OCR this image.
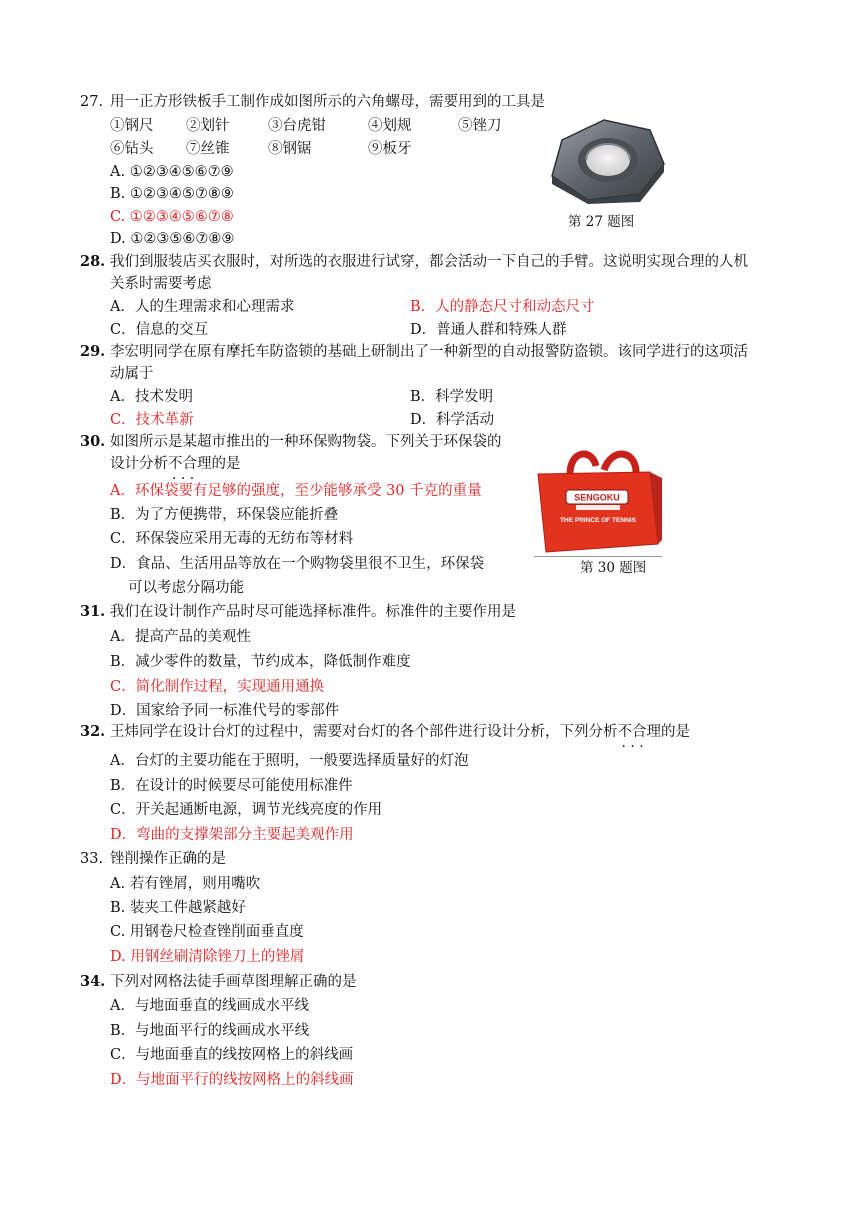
27. 用一正方形铁板手工制作成如图所示的六角螺母，需要用到的工具是
①钢尺 ②划针	③台虎钳	④划规	⑤锉刀
⑥钻头 ⑦丝锥	⑧钢锯	⑨板牙
A. ①②③④⑤⑥⑦⑨
B. ①②③④⑤⑦⑧⑨
C. ①②③④⑤⑥⑦⑧
D. ①②③⑤⑥⑦⑧⑨
第 27 题图
28. 我们到服装店买衣服时，对所选的衣服进行试穿，都会活动一下自己的手臂。这说明实现合理的人机
关系时需要考虑
A．人的生理需求和心理需求	B．人的静态尺寸和动态尺寸
C．信息的交互	D．普通人群和特殊人群
29. 李宏明同学在原有摩托车防盗锁的基础上研制出了一种新型的自动报警防盗锁。该同学进行的这项活
动属于
A．技术发明	B．科学发明
C．技术革新	D．科学活动
30. 如图所示是某超市推出的一种环保购物袋。下列关于环保袋的
设计分析不合理 · · ·的是
A．环保袋要有足够的强度，至少能够承受 30 千克的重量
B．为了方便携带，环保袋应能折叠
C．环保袋应采用无毒的无纺布等材料
D．食品、生活用品等放在一个购物袋里很不卫生，环保袋
可以考虑分隔功能
SENGOKU
THE PRINCE OF TENNIS
第 30 题图
31. 我们在设计制作产品时尽可能选择标准件。标准件的主要作用是
A．提高产品的美观性
B．减少零件的数量，节约成本，降低制作难度
C．简化制作过程，实现通用通换
D．国家给予同一标准代号的零部件
32. 王炜同学在设计台灯的过程中，需要对台灯的各个部件进行设计分析，下列分析不合理 · · ·的是
A．台灯的主要功能在于照明，一般要选择质量好的灯泡
B．在设计的时候要尽可能使用标准件
C．开关起通断电源，调节光线亮度的作用
D．弯曲的支撑架部分主要起美观作用
33. 锉削操作正确的是
A. 若有锉屑，则用嘴吹
B. 装夹工件越紧越好
C. 用钢卷尺检查锉削面垂直度
D. 用钢丝刷清除锉刀上的锉屑
34. 下列对网格法徒手画草图理解正确的是
A．与地面垂直的线画成水平线
B．与地面平行的线画成水平线
C．与地面垂直的线按网格上的斜线画
D．与地面平行的线按网格上的斜线画
